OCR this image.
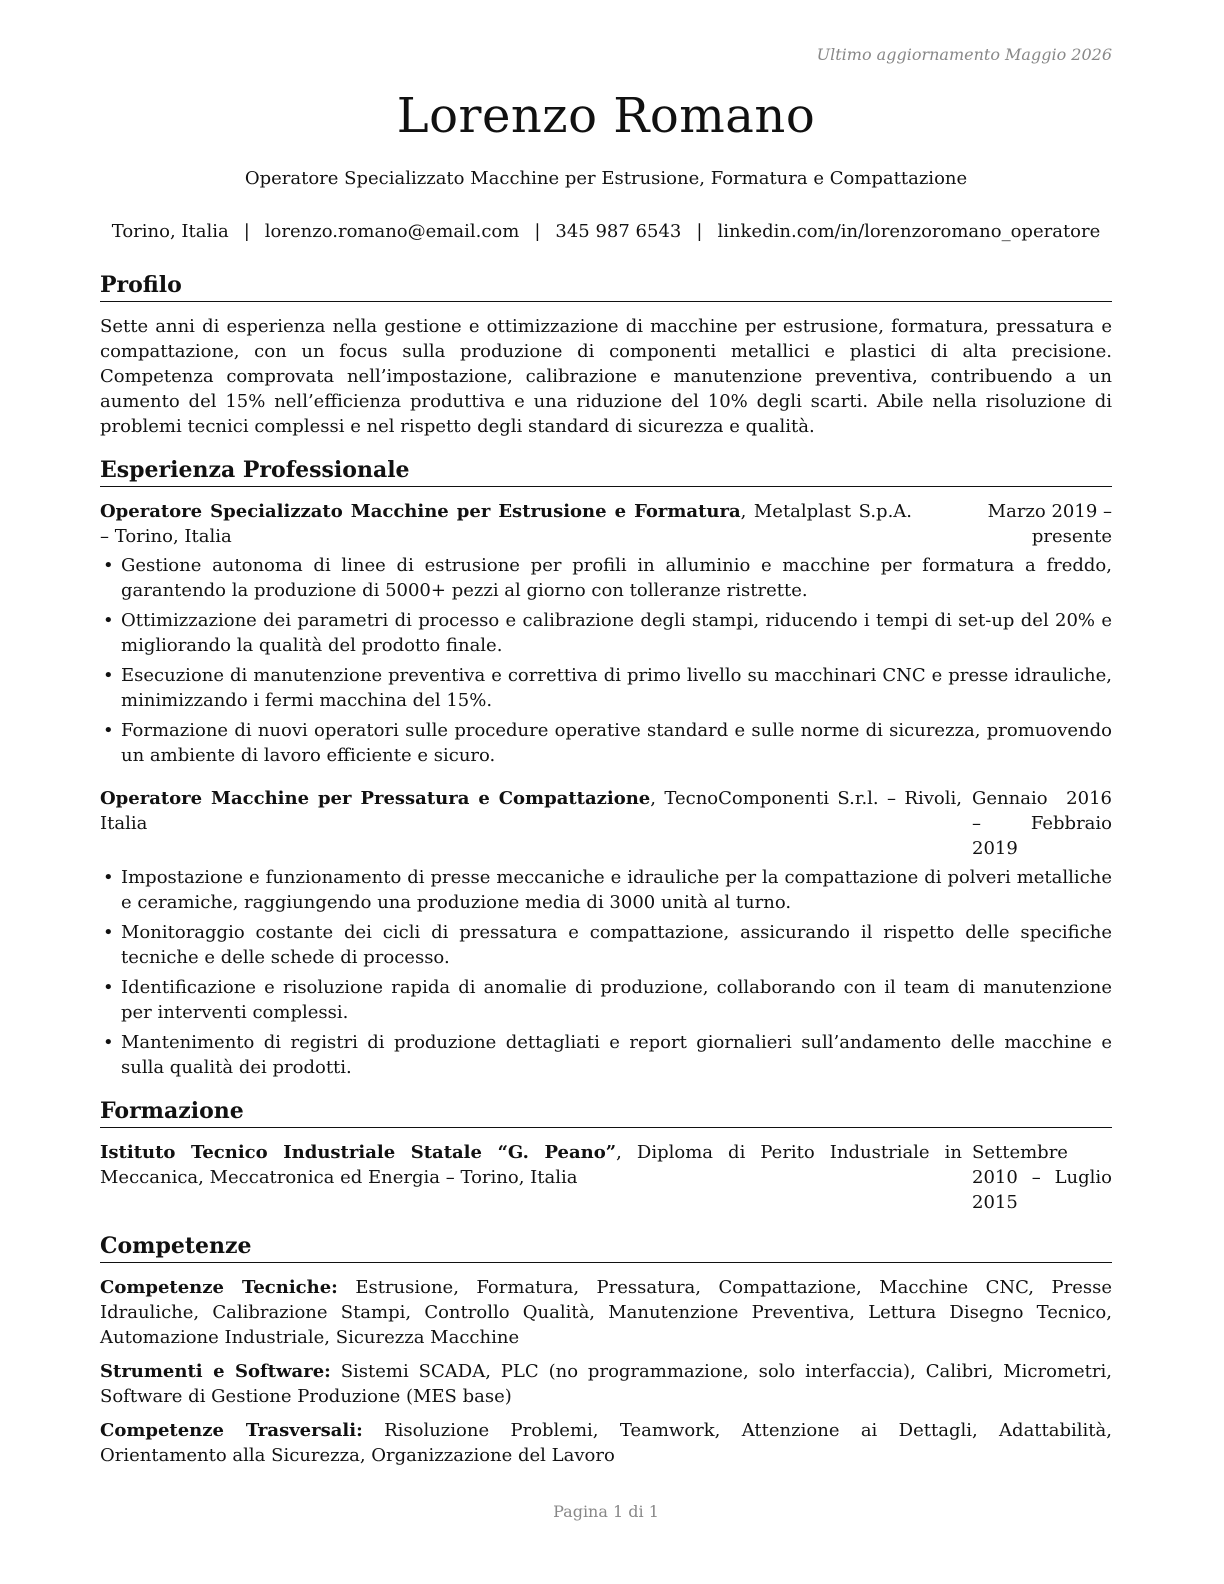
Ultimo aggiornamento Maggio 2026
Lorenzo Romano
Operatore Specializzato Macchine per Estrusione, Formatura e Compattazione
Torino, Italia | lorenzo.romano@email.com | 345 987 6543 | linkedin.com/in/lorenzoromano_operatore
Profilo

Sette anni di esperienza nella gestione e ottimizzazione di macchine per estrusione, formatura, pressatura e compattazione, con un focus sulla produzione di componenti metallici e plastici di alta precisione. Competenza comprovata nell’impostazione, calibrazione e manutenzione preventiva, contribuendo a un aumento del 15% nell’efficienza produttiva e una riduzione del 10% degli scarti. Abile nella risoluzione di problemi tecnici complessi e nel rispetto degli standard di sicurezza e qualità.

Esperienza Professionale
Operatore Specializzato Macchine per Estrusione e Formatura, Metalplast S.p.A. – Torino, Italia
Marzo 2019 – presente
• Gestione autonoma di linee di estrusione per profili in alluminio e macchine per formatura a freddo, garantendo la produzione di 5000+ pezzi al giorno con tolleranze ristrette.
• Ottimizzazione dei parametri di processo e calibrazione degli stampi, riducendo i tempi di set-up del 20% e migliorando la qualità del prodotto finale.
• Esecuzione di manutenzione preventiva e correttiva di primo livello su macchinari CNC e presse idrauliche, minimizzando i fermi macchina del 15%.
• Formazione di nuovi operatori sulle procedure operative standard e sulle norme di sicurezza, promuovendo un ambiente di lavoro efficiente e sicuro.
Operatore Macchine per Pressatura e Compattazione, TecnoComponenti S.r.l. – Rivoli, Italia
Gennaio 2016 – Febbraio 2019
• Impostazione e funzionamento di presse meccaniche e idrauliche per la compattazione di polveri metalliche e ceramiche, raggiungendo una produzione media di 3000 unità al turno.
• Monitoraggio costante dei cicli di pressatura e compattazione, assicurando il rispetto delle specifiche tecniche e delle schede di processo.
• Identificazione e risoluzione rapida di anomalie di produzione, collaborando con il team di manutenzione per interventi complessi.
• Mantenimento di registri di produzione dettagliati e report giornalieri sull’andamento delle macchine e sulla qualità dei prodotti.
Formazione
Istituto Tecnico Industriale Statale “G. Peano”, Diploma di Perito Industriale in Meccanica, Meccatronica ed Energia – Torino, Italia
Settembre 2010 – Luglio 2015
Competenze

Competenze Tecniche: Estrusione, Formatura, Pressatura, Compattazione, Macchine CNC, Presse Idrauliche, Calibrazione Stampi, Controllo Qualità, Manutenzione Preventiva, Lettura Disegno Tecnico, Automazione Industriale, Sicurezza Macchine

Strumenti e Software: Sistemi SCADA, PLC (no programmazione, solo interfaccia), Calibri, Micrometri, Software di Gestione Produzione (MES base)

Competenze Trasversali: Risoluzione Problemi, Teamwork, Attenzione ai Dettagli, Adattabilità, Orientamento alla Sicurezza, Organizzazione del Lavoro

Pagina 1 di 1
